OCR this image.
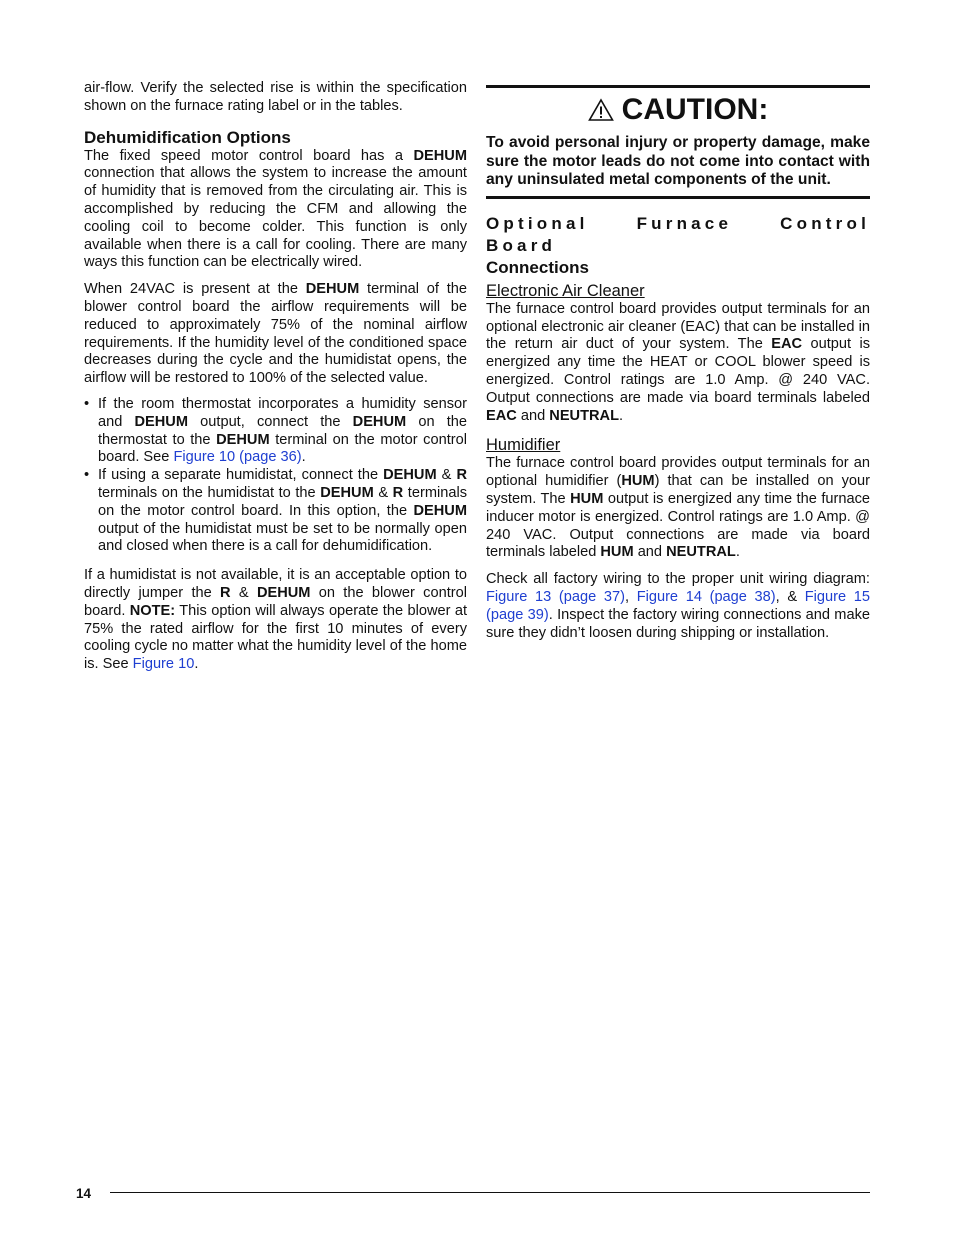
air-flow. Verify the selected rise is within the specification shown on the furnace rating label or in the tables.

Dehumidification Options

The fixed speed motor control board has a DEHUM connection that allows the system to increase the amount of humidity that is removed from the circulating air. This is accomplished by reducing the CFM and allowing the cooling coil to become colder. This function is only available when there is a call for cooling. There are many ways this function can be electrically wired.

When 24VAC is present at the DEHUM terminal of the blower control board the airflow requirements will be reduced to approximately 75% of the nominal airflow requirements. If the humidity level of the conditioned space decreases during the cycle and the humidistat opens, the airflow will be restored to 100% of the selected value.

• If the room thermostat incorporates a humidity sensor and DEHUM output, connect the DEHUM on the thermostat to the DEHUM terminal on the motor control board. See Figure 10 (page 36).
• If using a separate humidistat, connect the DEHUM & R terminals on the humidistat to the DEHUM & R terminals on the motor control board. In this option, the DEHUM output of the humidistat must be set to be normally open and closed when there is a call for dehumidification.

If a humidistat is not available, it is an acceptable option to directly jumper the R & DEHUM on the blower control board. NOTE: This option will always operate the blower at 75% the rated airflow for the first 10 minutes of every cooling cycle no matter what the humidity level of the home is. See Figure 10.

CAUTION:

To avoid personal injury or property damage, make sure the motor leads do not come into contact with any uninsulated metal components of the unit.

Optional Furnace Control Board
Connections
Electronic Air Cleaner

The furnace control board provides output terminals for an optional electronic air cleaner (EAC) that can be installed in the return air duct of your system. The EAC output is energized any time the HEAT or COOL blower speed is energized. Control ratings are 1.0 Amp. @ 240 VAC. Output connections are made via board terminals labeled EAC and NEUTRAL.

Humidifier

The furnace control board provides output terminals for an optional humidifier (HUM) that can be installed on your system. The HUM output is energized any time the furnace inducer motor is energized. Control ratings are 1.0 Amp. @ 240 VAC. Output connections are made via board terminals labeled HUM and NEUTRAL.

Check all factory wiring to the proper unit wiring diagram: Figure 13 (page 37), Figure 14 (page 38), & Figure 15 (page 39). Inspect the factory wiring connections and make sure they didn’t loosen during shipping or installation.

14
